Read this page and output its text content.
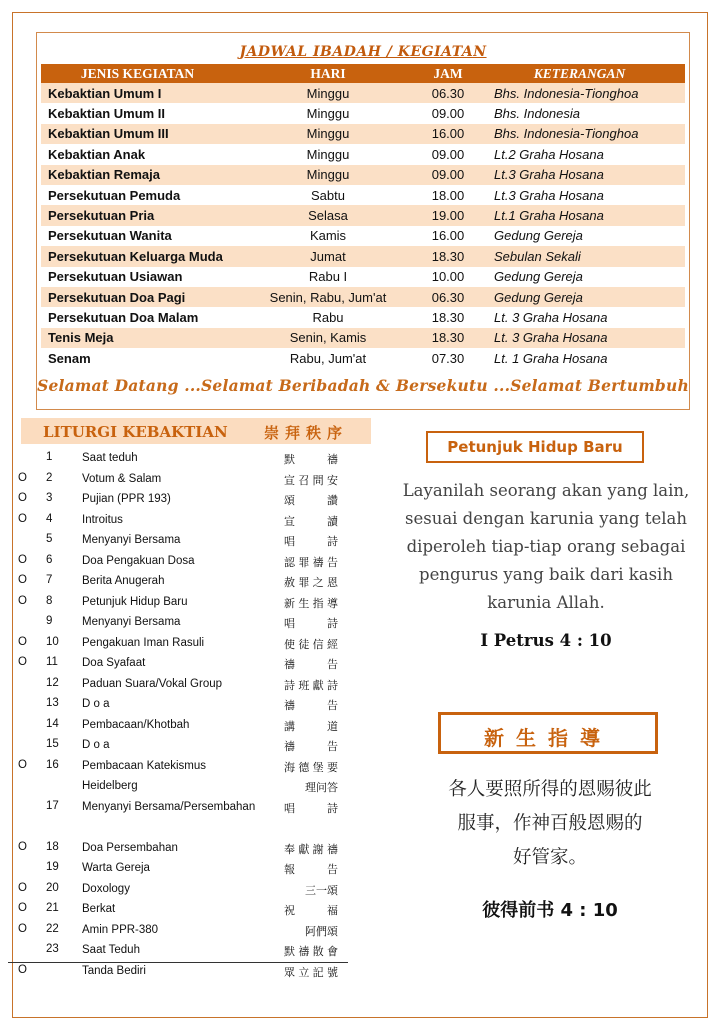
JADWAL IBADAH / KEGIATAN
JENIS KEGIATAN	HARI	JAM	KETERANGAN
Kebaktian Umum I	Minggu	06.30	Bhs. Indonesia-Tionghoa
Kebaktian Umum II	Minggu	09.00	Bhs. Indonesia
Kebaktian Umum III	Minggu	16.00	Bhs. Indonesia-Tionghoa
Kebaktian Anak	Minggu	09.00	Lt.2 Graha Hosana
Kebaktian Remaja	Minggu	09.00	Lt.3 Graha Hosana
Persekutuan Pemuda	Sabtu	18.00	Lt.3 Graha Hosana
Persekutuan Pria	Selasa	19.00	Lt.1 Graha Hosana
Persekutuan Wanita	Kamis	16.00	Gedung Gereja
Persekutuan Keluarga Muda	Jumat	18.30	Sebulan Sekali
Persekutuan Usiawan	Rabu I	10.00	Gedung Gereja
Persekutuan Doa Pagi	Senin, Rabu, Jum'at	06.30	Gedung Gereja
Persekutuan Doa Malam	Rabu	18.30	Lt. 3 Graha Hosana
Tenis Meja	Senin, Kamis	18.30	Lt. 3 Graha Hosana
Senam	Rabu, Jum'at	07.30	Lt. 1 Graha Hosana
Selamat Datang ...Selamat Beribadah & Bersekutu ...Selamat Bertumbuh
LITURGI KEBAKTIAN 崇拜秩序
1	Saat teduh	默禱
O 2	Votum & Salam	宣召問安
O 3	Pujian (PPR 193)	頌讚
O 4	Introitus	宣讀
5	Menyanyi Bersama	唱詩
O 6	Doa Pengakuan Dosa	認罪禱告
O 7	Berita Anugerah	赦罪之恩
O 8	Petunjuk Hidup Baru	新生指導
9	Menyanyi Bersama	唱詩
O 10 Pengakuan Iman Rasuli	使徒信經
O 11 Doa Syafaat	禱告
12 Paduan Suara/Vokal Group	詩班獻詩
13 D o a	禱告
14 Pembacaan/Khotbah	講道
15 D o a	禱告
O 16 Pembacaan Katekismus	海德堡要
Heidelberg	理问答
17 Menyanyi Bersama/Persembahan	唱詩
O 18 Doa Persembahan	奉獻謝禱
19 Warta Gereja	報告
O 20 Doxology	三一頌
O 21 Berkat	祝福
O 22 Amin PPR-380	阿們頌
23 Saat Teduh	默禱散會
O	Tanda Bediri	眾立記號
Petunjuk Hidup Baru
Layanilah seorang akan yang lain, sesuai dengan karunia yang telah diperoleh tiap-tiap orang sebagai pengurus yang baik dari kasih karunia Allah.
I Petrus 4 : 10
新生指導
各人要照所得的恩赐彼此
服事，作神百般恩赐的
好管家。
彼得前书 4 : 10
